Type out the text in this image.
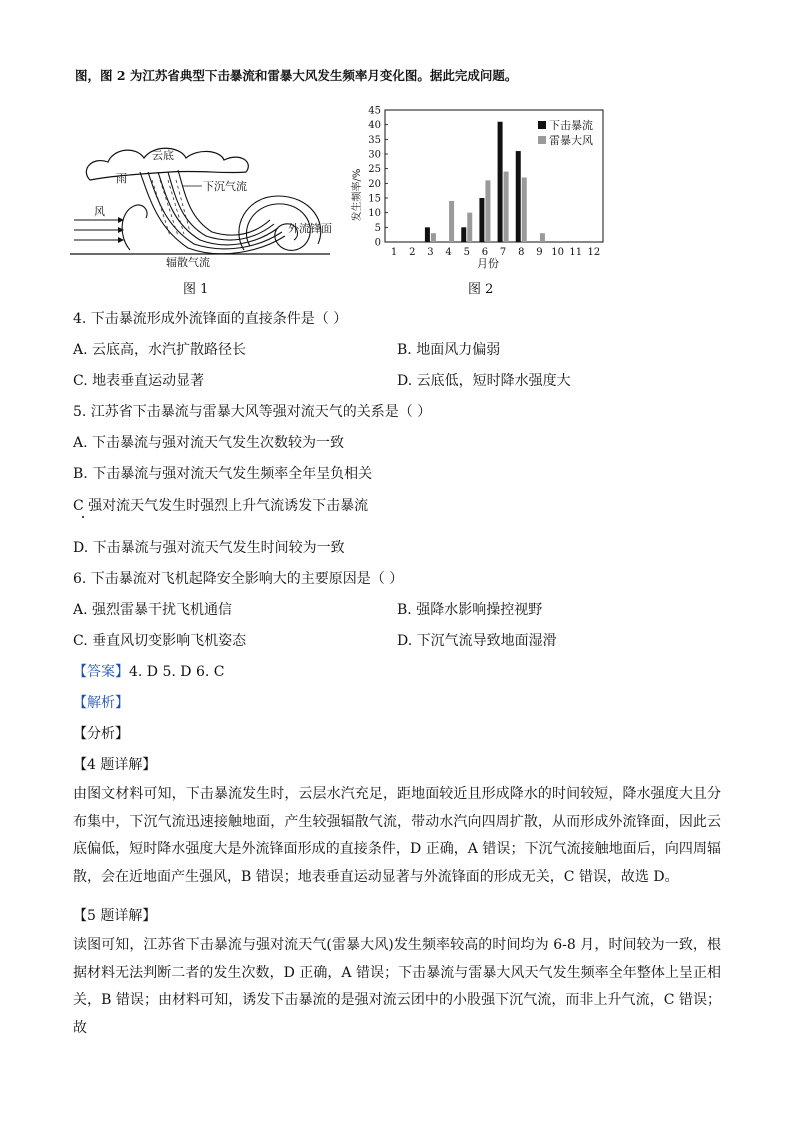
图，图 2 为江苏省典型下击暴流和雷暴大风发生频率月变化图。据此完成问题。
云底
雨
下沉气流
风
外流锋面
辐散气流
图 1
0
5
10
15
20
25
30
35
40
45
1 2 3 4 5 6 7 8 9 10 11 12
发生频率/%
月份
下击暴流
雷暴大风
图 2
4. 下击暴流形成外流锋面的直接条件是（ ）
A. 云底高，水汽扩散路径长	B. 地面风力偏弱
C. 地表垂直运动显著	D. 云底低，短时降水强度大
5. 江苏省下击暴流与雷暴大风等强对流天气的关系是（ ）
A. 下击暴流与强对流天气发生次数较为一致
B. 下击暴流与强对流天气发生频率全年呈负相关
C 强对流天气发生时强烈上升气流诱发下击暴流
D. 下击暴流与强对流天气发生时间较为一致
6. 下击暴流对飞机起降安全影响大的主要原因是（ ）
A. 强烈雷暴干扰飞机通信	B. 强降水影响操控视野
C. 垂直风切变影响飞机姿态	D. 下沉气流导致地面湿滑
【答案】4. D 5. D 6. C
【解析】
【分析】
【4 题详解】
由图文材料可知，下击暴流发生时，云层水汽充足，距地面较近且形成降水的时间较短，降水强度大且分布集中，下沉气流迅速接触地面，产生较强辐散气流，带动水汽向四周扩散，从而形成外流锋面，因此云底偏低，短时降水强度大是外流锋面形成的直接条件，D 正确，A 错误；下沉气流接触地面后，向四周辐散，会在近地面产生强风，B 错误；地表垂直运动显著与外流锋面的形成无关，C 错误，故选 D。
【5 题详解】
读图可知，江苏省下击暴流与强对流天气(雷暴大风)发生频率较高的时间均为 6-8 月，时间较为一致，根据材料无法判断二者的发生次数，D 正确，A 错误；下击暴流与雷暴大风天气发生频率全年整体上呈正相关，B 错误；由材料可知，诱发下击暴流的是强对流云团中的小股强下沉气流，而非上升气流，C 错误；故
